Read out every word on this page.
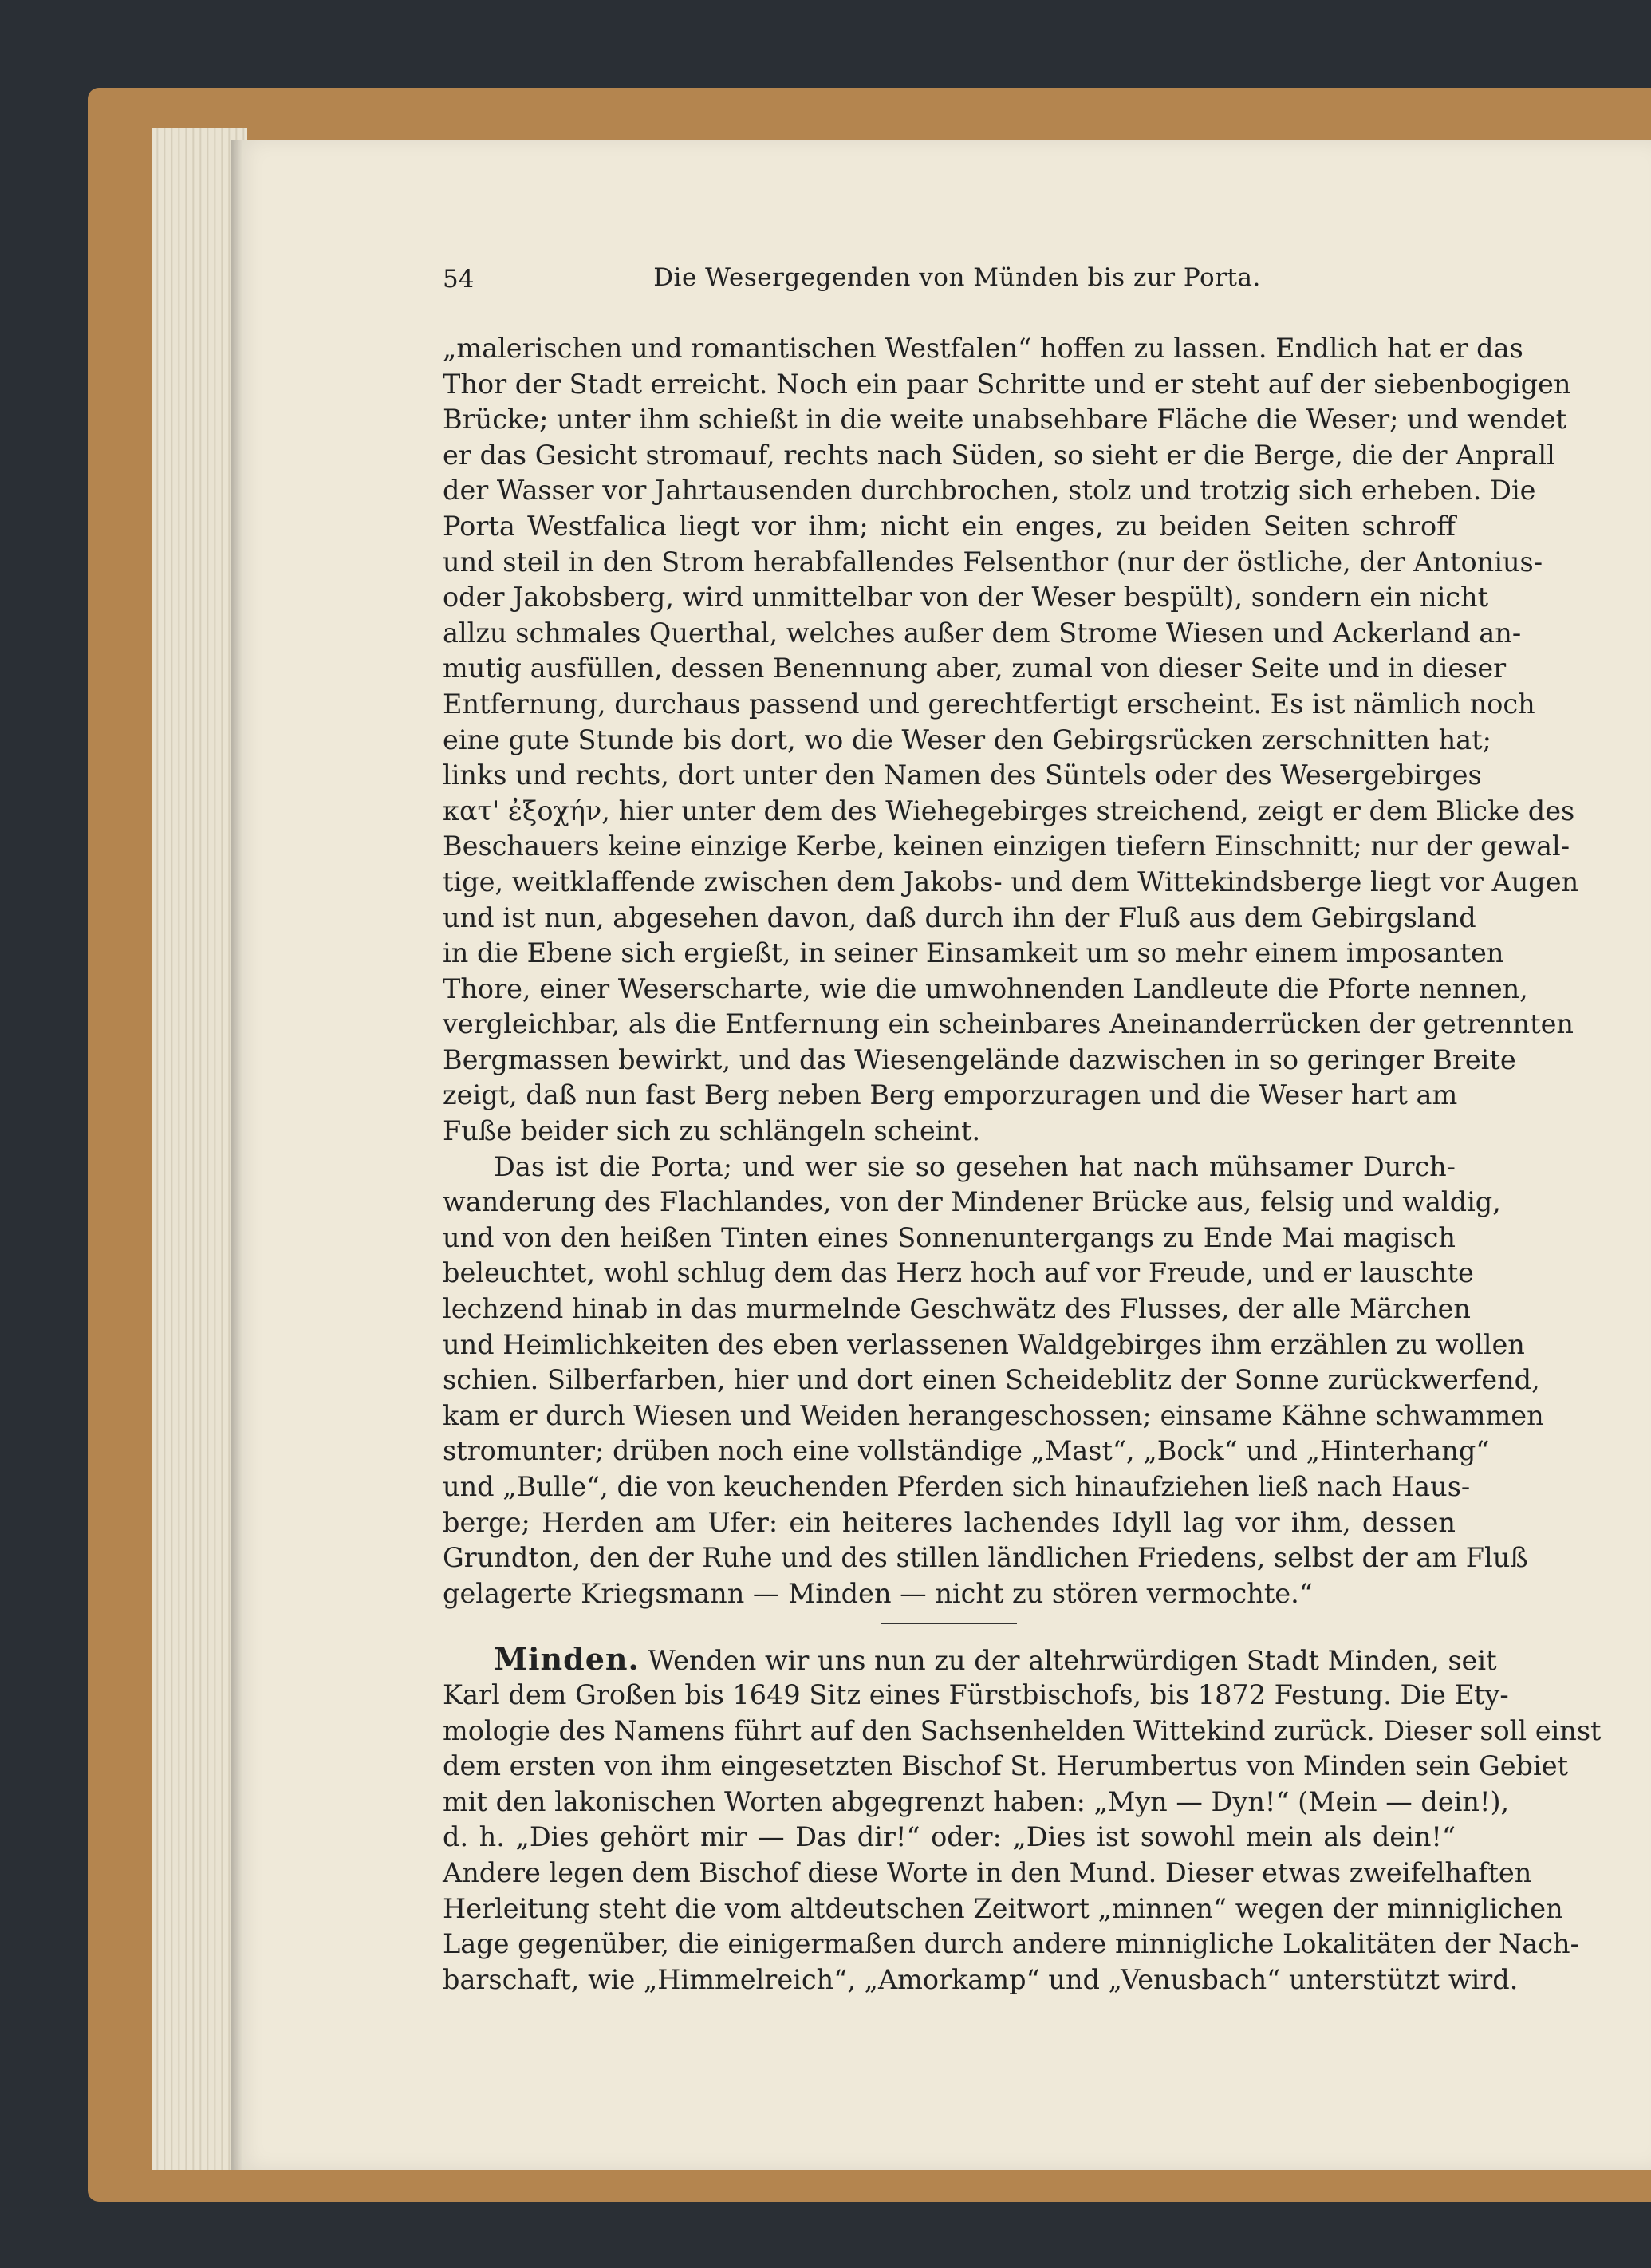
54	Die Wesergegenden von Münden bis zur Porta.
„malerischen und romantischen Westfalen“ hoffen zu lassen. Endlich hat er das
Thor der Stadt erreicht. Noch ein paar Schritte und er steht auf der siebenbogigen
Brücke; unter ihm schießt in die weite unabsehbare Fläche die Weser; und wendet
er das Gesicht stromauf, rechts nach Süden, so sieht er die Berge, die der Anprall
der Wasser vor Jahrtausenden durchbrochen, stolz und trotzig sich erheben. Die
Porta Westfalica liegt vor ihm; nicht ein enges, zu beiden Seiten schroff
und steil in den Strom herabfallendes Felsenthor (nur der östliche, der Antonius-
oder Jakobsberg, wird unmittelbar von der Weser bespült), sondern ein nicht
allzu schmales Querthal, welches außer dem Strome Wiesen und Ackerland an-
mutig ausfüllen, dessen Benennung aber, zumal von dieser Seite und in dieser
Entfernung, durchaus passend und gerechtfertigt erscheint. Es ist nämlich noch
eine gute Stunde bis dort, wo die Weser den Gebirgsrücken zerschnitten hat;
links und rechts, dort unter den Namen des Süntels oder des Wesergebirges
κατ' ἐξοχήν, hier unter dem des Wiehegebirges streichend, zeigt er dem Blicke des
Beschauers keine einzige Kerbe, keinen einzigen tiefern Einschnitt; nur der gewal-
tige, weitklaffende zwischen dem Jakobs- und dem Wittekindsberge liegt vor Augen
und ist nun, abgesehen davon, daß durch ihn der Fluß aus dem Gebirgsland
in die Ebene sich ergießt, in seiner Einsamkeit um so mehr einem imposanten
Thore, einer Weserscharte, wie die umwohnenden Landleute die Pforte nennen,
vergleichbar, als die Entfernung ein scheinbares Aneinanderrücken der getrennten
Bergmassen bewirkt, und das Wiesengelände dazwischen in so geringer Breite
zeigt, daß nun fast Berg neben Berg emporzuragen und die Weser hart am
Fuße beider sich zu schlängeln scheint.
Das ist die Porta; und wer sie so gesehen hat nach mühsamer Durch-
wanderung des Flachlandes, von der Mindener Brücke aus, felsig und waldig,
und von den heißen Tinten eines Sonnenuntergangs zu Ende Mai magisch
beleuchtet, wohl schlug dem das Herz hoch auf vor Freude, und er lauschte
lechzend hinab in das murmelnde Geschwätz des Flusses, der alle Märchen
und Heimlichkeiten des eben verlassenen Waldgebirges ihm erzählen zu wollen
schien. Silberfarben, hier und dort einen Scheideblitz der Sonne zurückwerfend,
kam er durch Wiesen und Weiden herangeschossen; einsame Kähne schwammen
stromunter; drüben noch eine vollständige „Mast“, „Bock“ und „Hinterhang“
und „Bulle“, die von keuchenden Pferden sich hinaufziehen ließ nach Haus-
berge; Herden am Ufer: ein heiteres lachendes Idyll lag vor ihm, dessen
Grundton, den der Ruhe und des stillen ländlichen Friedens, selbst der am Fluß
gelagerte Kriegsmann — Minden — nicht zu stören vermochte.“
Minden. Wenden wir uns nun zu der altehrwürdigen Stadt Minden, seit
Karl dem Großen bis 1649 Sitz eines Fürstbischofs, bis 1872 Festung. Die Ety-
mologie des Namens führt auf den Sachsenhelden Wittekind zurück. Dieser soll einst
dem ersten von ihm eingesetzten Bischof St. Herumbertus von Minden sein Gebiet
mit den lakonischen Worten abgegrenzt haben: „Myn — Dyn!“ (Mein — dein!),
d. h. „Dies gehört mir — Das dir!“ oder: „Dies ist sowohl mein als dein!“
Andere legen dem Bischof diese Worte in den Mund. Dieser etwas zweifelhaften
Herleitung steht die vom altdeutschen Zeitwort „minnen“ wegen der minniglichen
Lage gegenüber, die einigermaßen durch andere minnigliche Lokalitäten der Nach-
barschaft, wie „Himmelreich“, „Amorkamp“ und „Venusbach“ unterstützt wird.
